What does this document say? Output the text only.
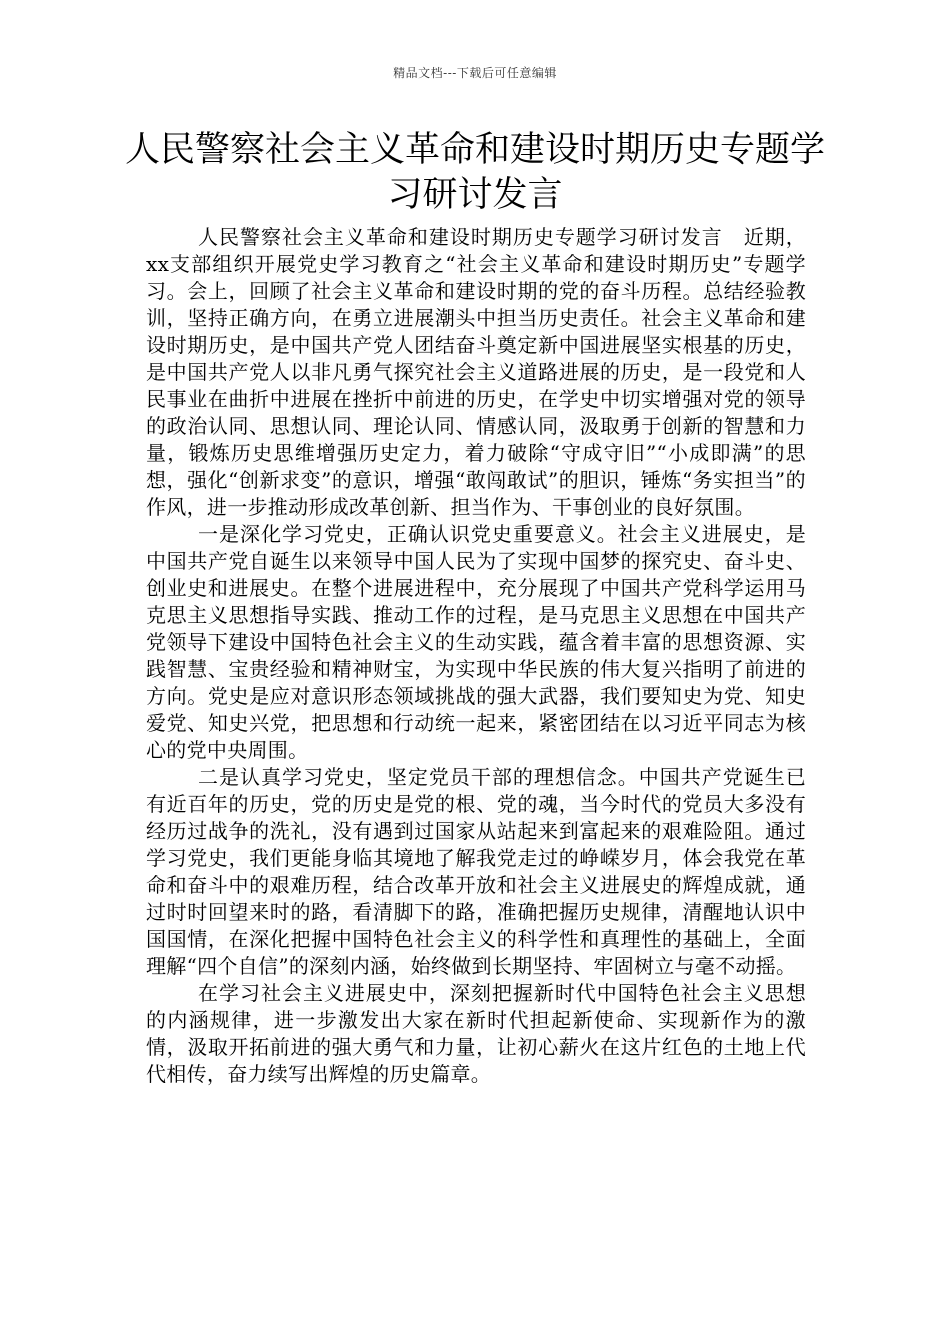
精品文档---下载后可任意编辑
人民警察社会主义革命和建设时期历史专题学习研讨发言

人民警察社会主义革命和建设时期历史专题学习研讨发言　近期，xx支部组织开展党史学习教育之“社会主义革命和建设时期历史”专题学习。会上，回顾了社会主义革命和建设时期的党的奋斗历程。总结经验教训，坚持正确方向，在勇立进展潮头中担当历史责任。社会主义革命和建设时期历史，是中国共产党人团结奋斗奠定新中国进展坚实根基的历史，是中国共产党人以非凡勇气探究社会主义道路进展的历史，是一段党和人民事业在曲折中进展在挫折中前进的历史，在学史中切实增强对党的领导的政治认同、思想认同、理论认同、情感认同，汲取勇于创新的智慧和力量，锻炼历史思维增强历史定力，着力破除“守成守旧”“小成即满”的思想，强化“创新求变”的意识，增强“敢闯敢试”的胆识，锤炼“务实担当”的作风，进一步推动形成改革创新、担当作为、干事创业的良好氛围。

一是深化学习党史，正确认识党史重要意义。社会主义进展史，是中国共产党自诞生以来领导中国人民为了实现中国梦的探究史、奋斗史、创业史和进展史。在整个进展进程中，充分展现了中国共产党科学运用马克思主义思想指导实践、推动工作的过程，是马克思主义思想在中国共产党领导下建设中国特色社会主义的生动实践，蕴含着丰富的思想资源、实践智慧、宝贵经验和精神财宝，为实现中华民族的伟大复兴指明了前进的方向。党史是应对意识形态领域挑战的强大武器，我们要知史为党、知史爱党、知史兴党，把思想和行动统一起来，紧密团结在以习近平同志为核心的党中央周围。

二是认真学习党史，坚定党员干部的理想信念。中国共产党诞生已有近百年的历史，党的历史是党的根、党的魂，当今时代的党员大多没有经历过战争的洗礼，没有遇到过国家从站起来到富起来的艰难险阻。通过学习党史，我们更能身临其境地了解我党走过的峥嵘岁月，体会我党在革命和奋斗中的艰难历程，结合改革开放和社会主义进展史的辉煌成就，通过时时回望来时的路，看清脚下的路，准确把握历史规律，清醒地认识中国国情，在深化把握中国特色社会主义的科学性和真理性的基础上，全面理解“四个自信”的深刻内涵，始终做到长期坚持、牢固树立与毫不动摇。

在学习社会主义进展史中，深刻把握新时代中国特色社会主义思想的内涵规律，进一步激发出大家在新时代担起新使命、实现新作为的激情，汲取开拓前进的强大勇气和力量，让初心薪火在这片红色的土地上代代相传，奋力续写出辉煌的历史篇章。
